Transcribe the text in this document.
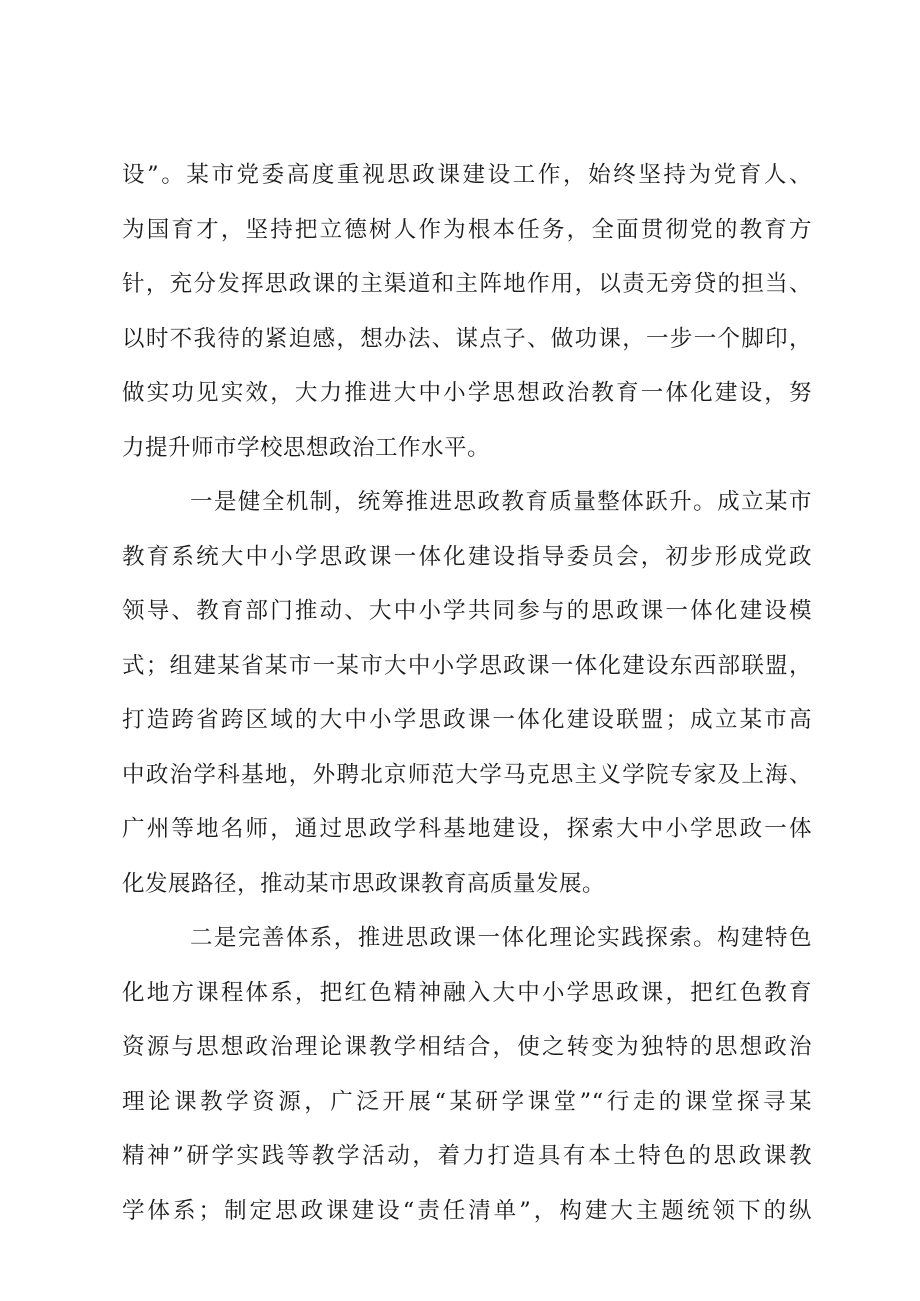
设”。某市党委高度重视思政课建设工作，始终坚持为党育人、
为国育才，坚持把立德树人作为根本任务，全面贯彻党的教育方
针，充分发挥思政课的主渠道和主阵地作用，以责无旁贷的担当、
以时不我待的紧迫感，想办法、谋点子、做功课，一步一个脚印，
做实功见实效，大力推进大中小学思想政治教育一体化建设，努
力提升师市学校思想政治工作水平。
一是健全机制，统筹推进思政教育质量整体跃升。成立某市
教育系统大中小学思政课一体化建设指导委员会，初步形成党政
领导、教育部门推动、大中小学共同参与的思政课一体化建设模
式；组建某省某市一某市大中小学思政课一体化建设东西部联盟，
打造跨省跨区域的大中小学思政课一体化建设联盟；成立某市高
中政治学科基地，外聘北京师范大学马克思主义学院专家及上海、
广州等地名师，通过思政学科基地建设，探索大中小学思政一体
化发展路径，推动某市思政课教育高质量发展。
二是完善体系，推进思政课一体化理论实践探索。构建特色
化地方课程体系，把红色精神融入大中小学思政课，把红色教育
资源与思想政治理论课教学相结合，使之转变为独特的思想政治
理论课教学资源，广泛开展“某研学课堂”“行走的课堂探寻某
精神”研学实践等教学活动，着力打造具有本土特色的思政课教
学体系；制定思政课建设“责任清单”，构建大主题统领下的纵
